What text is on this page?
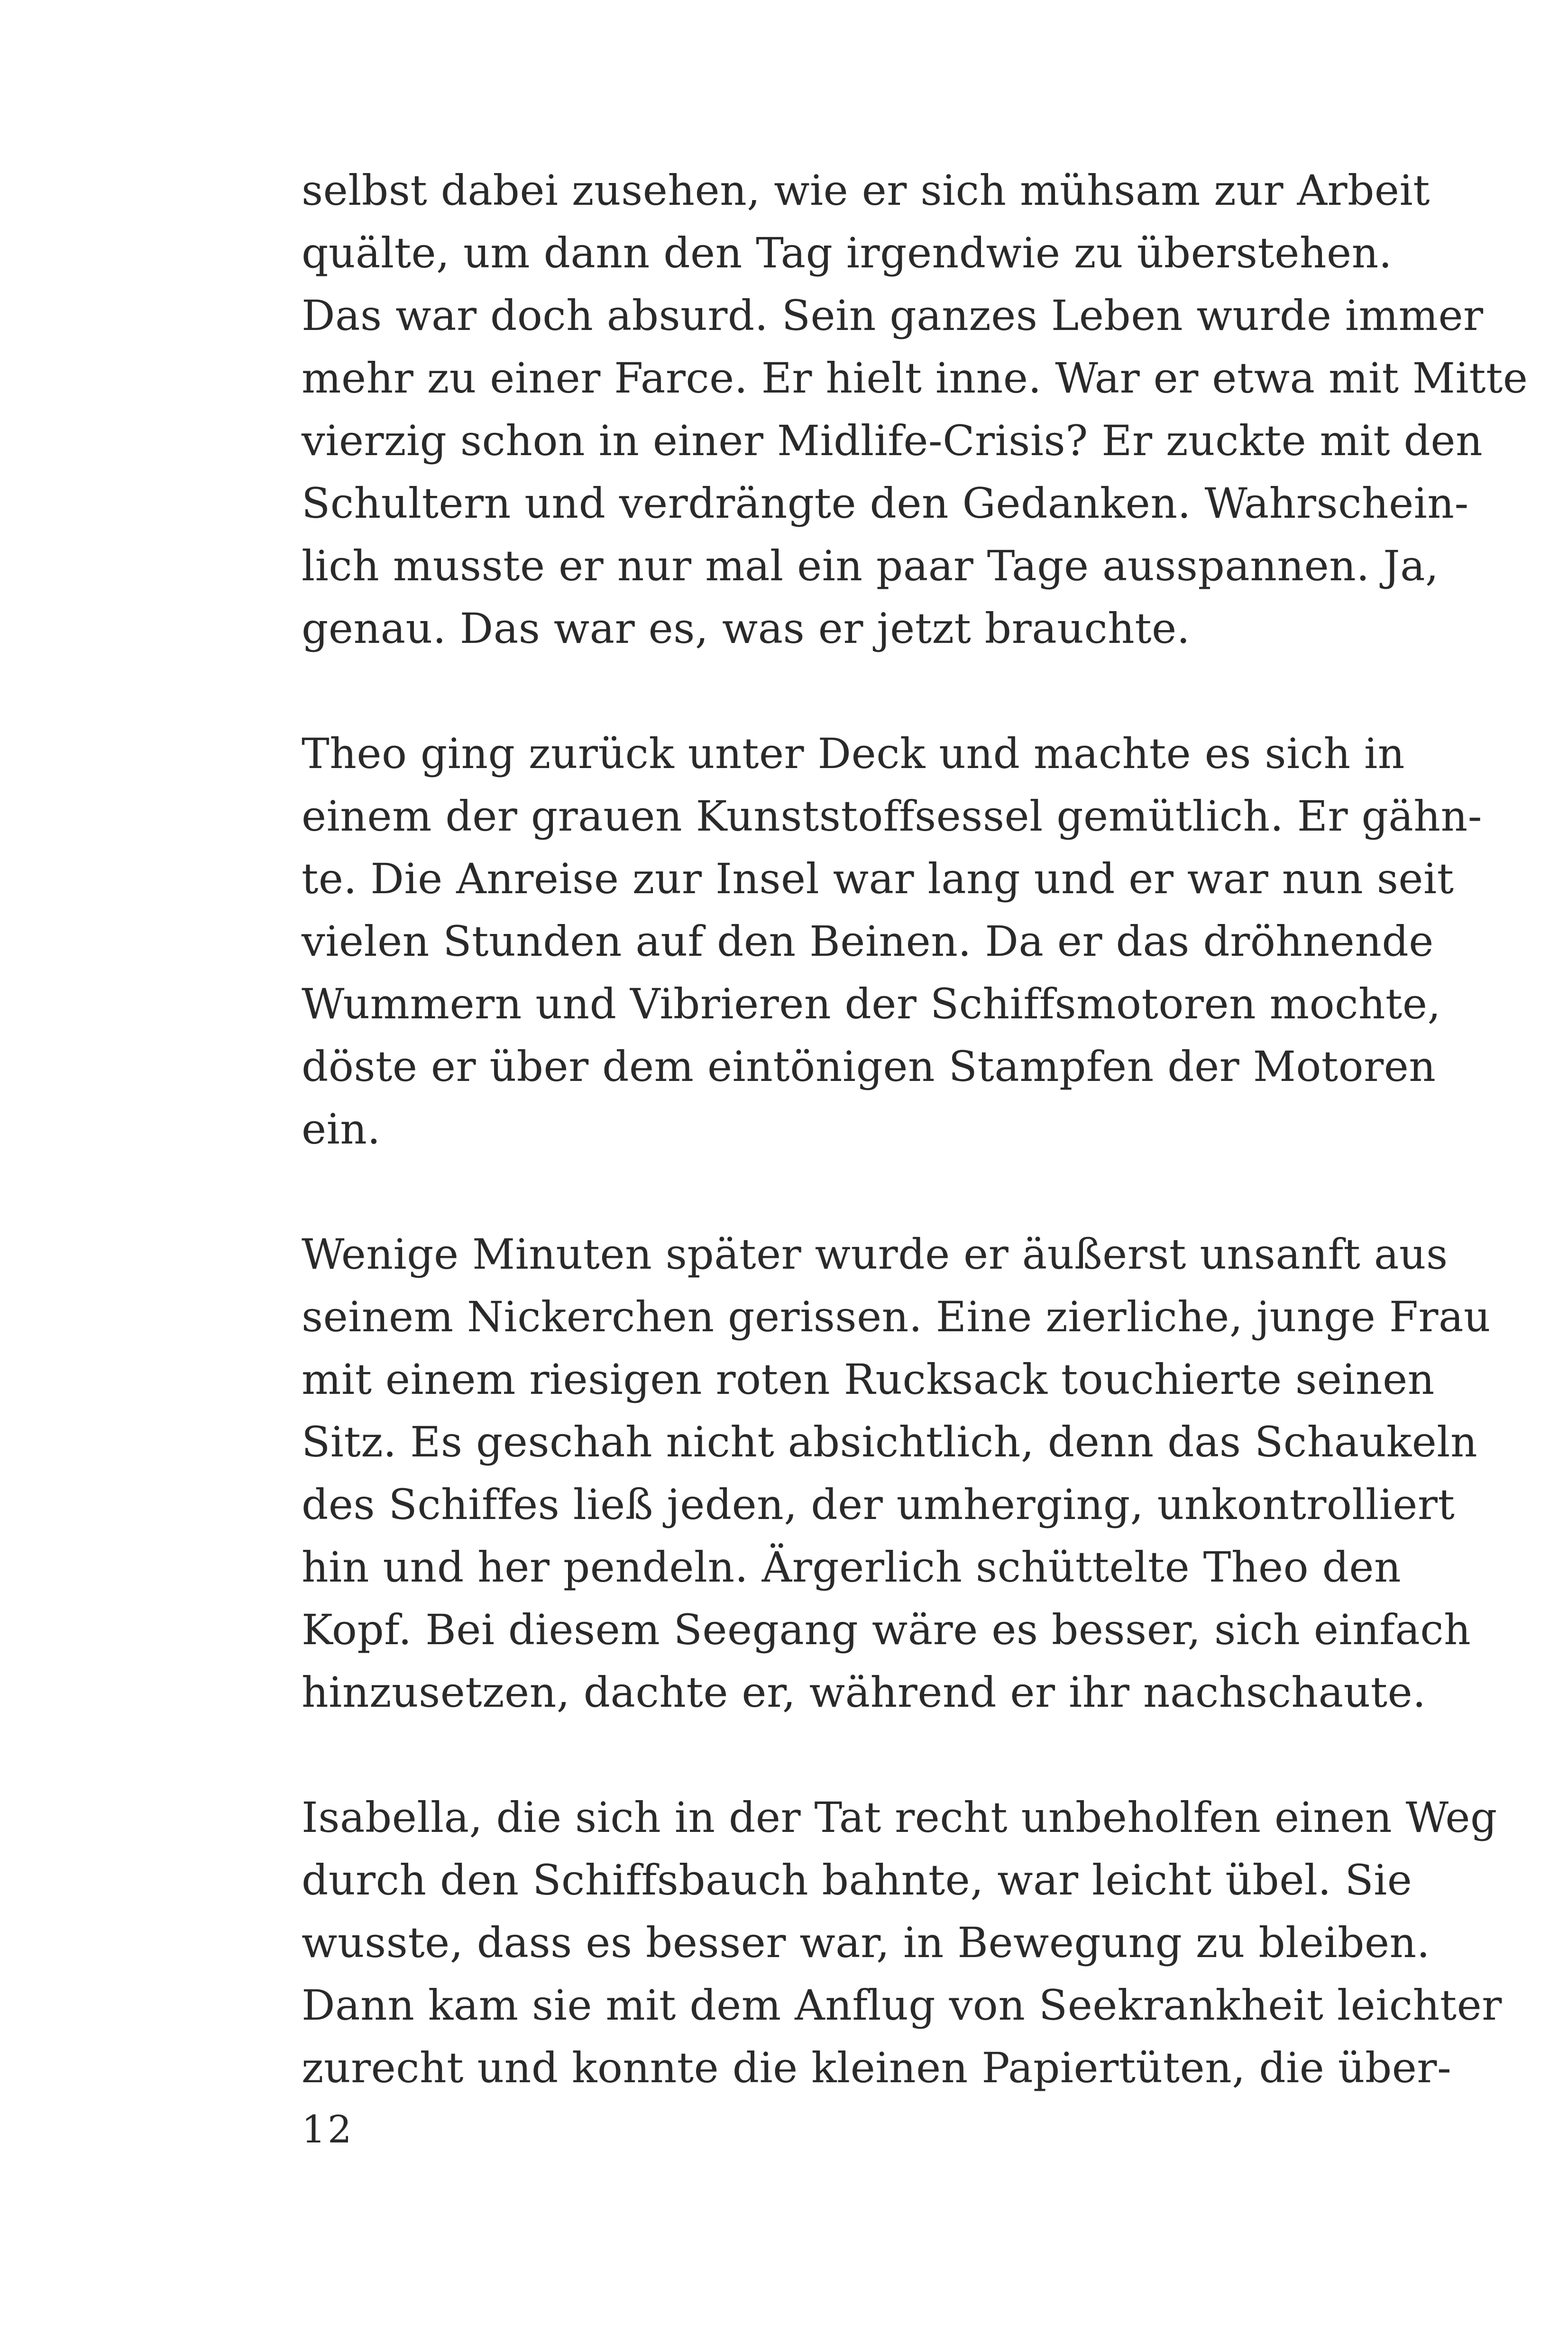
selbst dabei zusehen, wie er sich mühsam zur Arbeit
quälte, um dann den Tag irgendwie zu überstehen.
Das war doch absurd. Sein ganzes Leben wurde immer
mehr zu einer Farce. Er hielt inne. War er etwa mit Mitte
vierzig schon in einer Midlife-Crisis? Er zuckte mit den
Schultern und verdrängte den Gedanken. Wahrschein-
lich musste er nur mal ein paar Tage ausspannen. Ja,
genau. Das war es, was er jetzt brauchte.
Theo ging zurück unter Deck und machte es sich in
einem der grauen Kunststoffsessel gemütlich. Er gähn-
te. Die Anreise zur Insel war lang und er war nun seit
vielen Stunden auf den Beinen. Da er das dröhnende
Wummern und Vibrieren der Schiffsmotoren mochte,
döste er über dem eintönigen Stampfen der Motoren
ein.
Wenige Minuten später wurde er äußerst unsanft aus
seinem Nickerchen gerissen. Eine zierliche, junge Frau
mit einem riesigen roten Rucksack touchierte seinen
Sitz. Es geschah nicht absichtlich, denn das Schaukeln
des Schiffes ließ jeden, der umherging, unkontrolliert
hin und her pendeln. Ärgerlich schüttelte Theo den
Kopf. Bei diesem Seegang wäre es besser, sich einfach
hinzusetzen, dachte er, während er ihr nachschaute.
Isabella, die sich in der Tat recht unbeholfen einen Weg
durch den Schiffsbauch bahnte, war leicht übel. Sie
wusste, dass es besser war, in Bewegung zu bleiben.
Dann kam sie mit dem Anflug von Seekrankheit leichter
zurecht und konnte die kleinen Papiertüten, die über-
12
